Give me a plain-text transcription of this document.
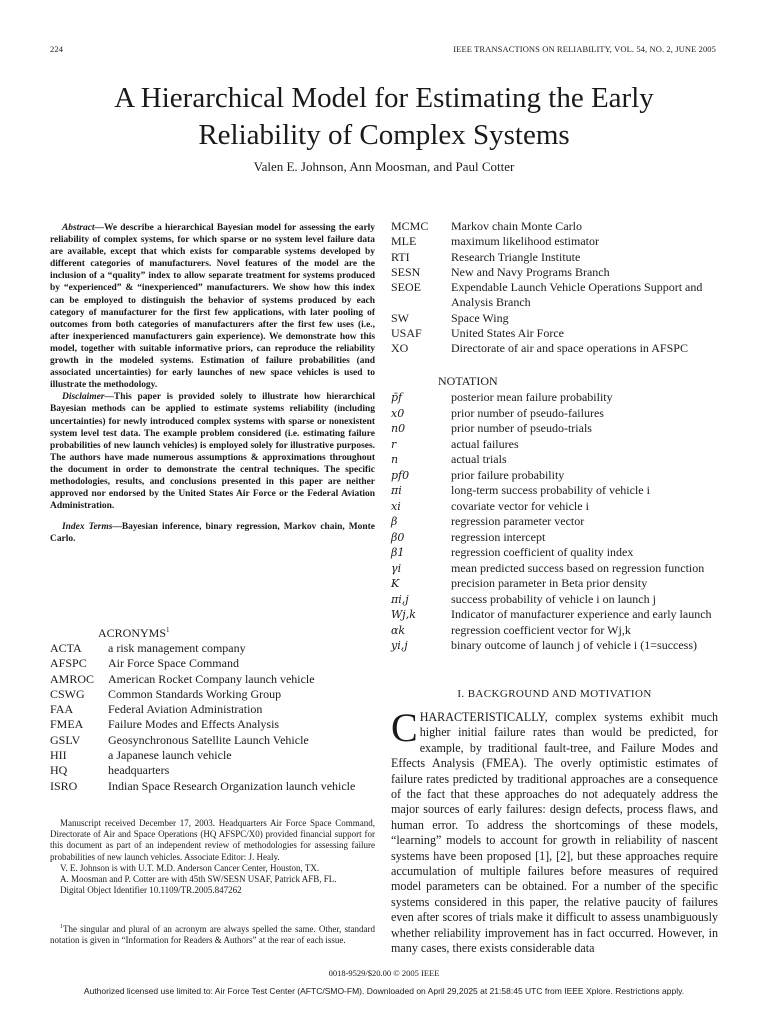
224	IEEE TRANSACTIONS ON RELIABILITY, VOL. 54, NO. 2, JUNE 2005
A Hierarchical Model for Estimating the Early
Reliability of Complex Systems
Valen E. Johnson, Ann Moosman, and Paul Cotter

Abstract—We describe a hierarchical Bayesian model for assessing the early reliability of complex systems, for which sparse or no system level failure data are available, except that which exists for comparable systems developed by different categories of manufacturers. Novel features of the model are the inclusion of a “quality” index to allow separate treatment for systems produced by “experienced” & “inexperienced” manufacturers. We show how this index can be employed to distinguish the behavior of systems produced by each category of manufacturer for the first few applications, with later pooling of outcomes from both categories of manufacturers after the first few uses (i.e., after inexperienced manufacturers gain experience). We demonstrate how this model, together with suitable informative priors, can reproduce the reliability growth in the modeled systems. Estimation of failure probabilities (and associated uncertainties) for early launches of new space vehicles is used to illustrate the methodology.

Disclaimer—This paper is provided solely to illustrate how hierarchical Bayesian methods can be applied to estimate systems reliability (including uncertainties) for newly introduced complex systems with sparse or nonexistent system level test data. The example problem considered (i.e. estimating failure probabilities of new launch vehicles) is employed solely for illustrative purposes. The authors have made numerous assumptions & approximations throughout the document in order to demonstrate the central techniques. The specific methodologies, results, and conclusions presented in this paper are neither approved nor endorsed by the United States Air Force or the Federal Aviation Administration.

Index Terms—Bayesian inference, binary regression, Markov chain, Monte Carlo.

ACRONYMS$^1$

ACTA	a risk management company
AFSPC	Air Force Space Command
AMROC	American Rocket Company launch vehicle
CSWG	Common Standards Working Group
FAA	Federal Aviation Administration
FMEA	Failure Modes and Effects Analysis
GSLV	Geosynchronous Satellite Launch Vehicle
HII	a Japanese launch vehicle
HQ	headquarters
ISRO	Indian Space Research Organization launch vehicle

Manuscript received December 17, 2003. Headquarters Air Force Space Command, Directorate of Air and Space Operations (HQ AFSPC/X0) provided financial support for this document as part of an independent review of methodologies for assessing failure probabilities of new launch vehicles. Associate Editor: J. Healy.

V. E. Johnson is with U.T. M.D. Anderson Cancer Center, Houston, TX.

A. Moosman and P. Cotter are with 45th SW/SESN USAF, Patrick AFB, FL.

Digital Object Identifier 10.1109/TR.2005.847262

$^1$The singular and plural of an acronym are always spelled the same. Other, standard notation is given in “Information for Readers & Authors” at the rear of each issue.

MCMC	Markov chain Monte Carlo
MLE	maximum likelihood estimator
RTI	Research Triangle Institute
SESN	New and Navy Programs Branch
SEOE	Expendable Launch Vehicle Operations Support and Analysis Branch
SW	Space Wing
USAF	United States Air Force
XO	Directorate of air and space operations in AFSPC

NOTATION

p̄f	posterior mean failure probability
x0	prior number of pseudo-failures
n0	prior number of pseudo-trials
r	actual failures
n	actual trials
pf0	prior failure probability
πi	long-term success probability of vehicle i
xi	covariate vector for vehicle i
β	regression parameter vector
β0	regression intercept
β1	regression coefficient of quality index
γi	mean predicted success based on regression function
K	precision parameter in Beta prior density
πi,j	success probability of vehicle i on launch j
Wj,k	Indicator of manufacturer experience and early launch
αk	regression coefficient vector for Wj,k
yi,j	binary outcome of launch j of vehicle i (1=success)
I. BACKGROUND AND MOTIVATION
CHARACTERISTICALLY, complex systems exhibit much higher initial failure rates than would be predicted, for example, by traditional fault-tree, and Failure Modes and Effects Analysis (FMEA). The overly optimistic estimates of failure rates predicted by traditional approaches are a consequence of the fact that these approaches do not adequately address the major sources of early failures: design defects, process flaws, and human error. To address the shortcomings of these models, “learning” models to account for growth in reliability of nascent systems have been proposed [1], [2], but these approaches require accumulation of multiple failures before measures of required model parameters can be obtained. For a number of the specific systems considered in this paper, the relative paucity of failures even after scores of trials make it difficult to assess unambiguously whether reliability improvement has in fact occurred. However, in many cases, there exists considerable data
0018-9529/$20.00 © 2005 IEEE
Authorized licensed use limited to: Air Force Test Center (AFTC/SMO-FM). Downloaded on April 29,2025 at 21:58:45 UTC from IEEE Xplore. Restrictions apply.
